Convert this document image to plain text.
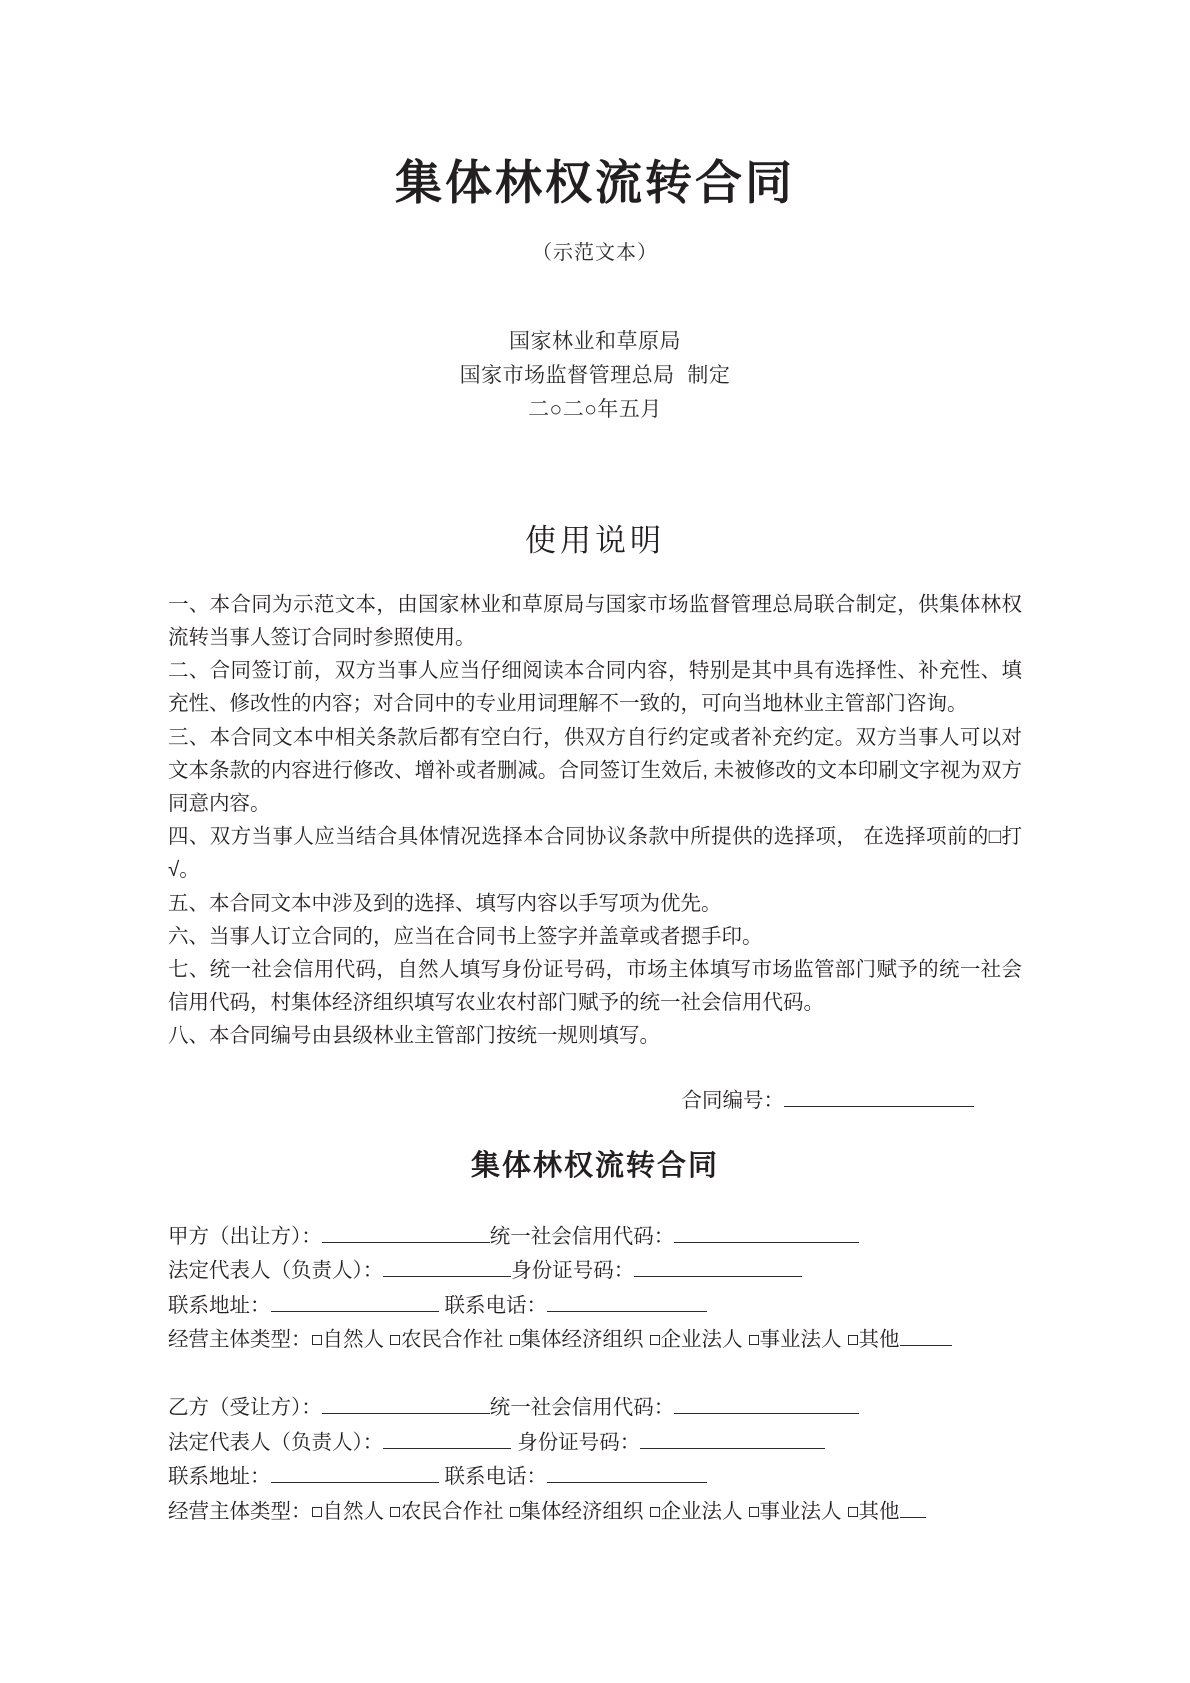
集体林权流转合同

（示范文本）

国家林业和草原局

国家市场监督管理总局  制定

二○二○年五月

使用说明

一、本合同为示范文本，由国家林业和草原局与国家市场监督管理总局联合制定，供集体林权流转当事人签订合同时参照使用。

二、合同签订前，双方当事人应当仔细阅读本合同内容，特别是其中具有选择性、补充性、填充性、修改性的内容；对合同中的专业用词理解不一致的，可向当地林业主管部门咨询。

三、本合同文本中相关条款后都有空白行，供双方自行约定或者补充约定。双方当事人可以对文本条款的内容进行修改、增补或者删减。合同签订生效后, 未被修改的文本印刷文字视为双方同意内容。

四、双方当事人应当结合具体情况选择本合同协议条款中所提供的选择项， 在选择项前的□打√。

五、本合同文本中涉及到的选择、填写内容以手写项为优先。

六、当事人订立合同的，应当在合同书上签字并盖章或者摁手印。

七、统一社会信用代码，自然人填写身份证号码，市场主体填写市场监管部门赋予的统一社会信用代码，村集体经济组织填写农业农村部门赋予的统一社会信用代码。

八、本合同编号由县级林业主管部门按统一规则填写。

合同编号：
集体林权流转合同

甲方（出让方）：	统一社会信用代码：

法定代表人（负责人）：	身份证号码：

联系地址：	联系电话：

经营主体类型： 自然人 农民合作社 集体经济组织 企业法人 事业法人 其他

乙方（受让方）：	统一社会信用代码：

法定代表人（负责人）：	身份证号码：

联系地址：	联系电话：

经营主体类型： 自然人 农民合作社 集体经济组织 企业法人 事业法人 其他
